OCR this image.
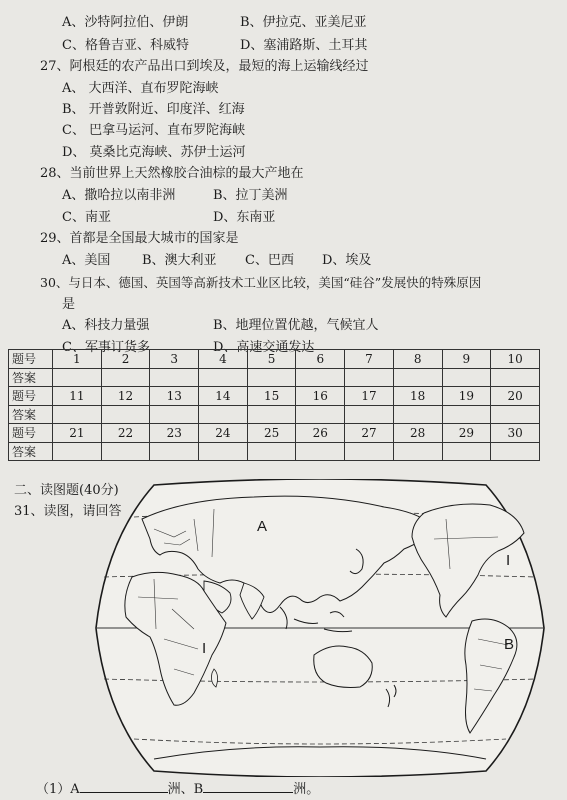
A、沙特阿拉伯、伊朗	B、伊拉克、亚美尼亚
C、格鲁吉亚、科威特	D、塞浦路斯、土耳其
27、阿根廷的农产品出口到埃及，最短的海上运输线经过
A、 大西洋、直布罗陀海峡
B、 开普敦附近、印度洋、红海
C、 巴拿马运河、直布罗陀海峡
D、 莫桑比克海峡、苏伊士运河
28、当前世界上天然橡胶合油棕的最大产地在
A、撒哈拉以南非洲	B、拉丁美洲
C、南亚	D、东南亚
29、首都是全国最大城市的国家是
A、美国 B、澳大利亚 C、巴西 D、埃及
30、与日本、德国、英国等高新技术工业区比较，美国“硅谷”发展快的特殊原因
是
A、科技力量强	B、地理位置优越，气候宜人
C、军事订货多	D、高速交通发达
题号	1	2	3	4	5	6	7	8	9	10
答案										
题号	11	12	13	14	15	16	17	18	19	20
答案										
题号	21	22	23	24	25	26	27	28	29	30
答案										
二、读图题(40分)
31、读图，请回答
A
I
I	B
（1）A	洲、B	洲。
